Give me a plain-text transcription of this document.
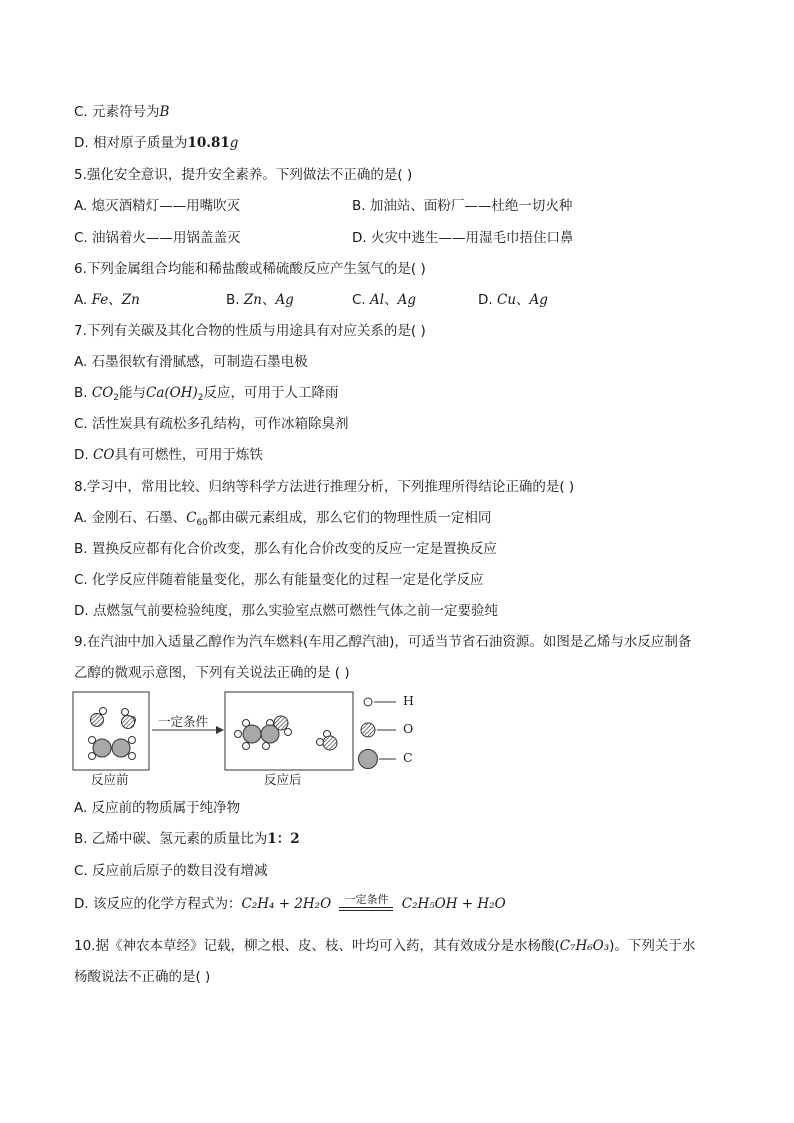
C. 元素符号为B
D. 相对原子质量为10.81g
5.强化安全意识，提升安全素养。下列做法不正确的是( )
A. 熄灭酒精灯——用嘴吹灭	B. 加油站、面粉厂——杜绝一切火种
C. 油锅着火——用锅盖盖灭	D. 火灾中逃生——用湿毛巾捂住口鼻
6.下列金属组合均能和稀盐酸或稀硫酸反应产生氢气的是( )
A. Fe、Zn	B. Zn、Ag	C. Al、Ag	D. Cu、Ag
7.下列有关碳及其化合物的性质与用途具有对应关系的是( )
A. 石墨很软有滑腻感，可制造石墨电极
B. $CO_2$能与$Ca(OH)_2$反应，可用于人工降雨
C. 活性炭具有疏松多孔结构，可作冰箱除臭剂
D. CO具有可燃性，可用于炼铁
8.学习中，常用比较、归纳等科学方法进行推理分析，下列推理所得结论正确的是( )
A. 金刚石、石墨、$C_{60}$都由碳元素组成，那么它们的物理性质一定相同
B. 置换反应都有化合价改变，那么有化合价改变的反应一定是置换反应
C. 化学反应伴随着能量变化，那么有能量变化的过程一定是化学反应
D. 点燃氢气前要检验纯度，那么实验室点燃可燃性气体之前一定要验纯
9.在汽油中加入适量乙醇作为汽车燃料(车用乙醇汽油)，可适当节省石油资源。如图是乙烯与水反应制备
乙醇的微观示意图，下列有关说法正确的是 ( )
一定条件
反应前	反应后
H
O
C
A. 反应前的物质属于纯净物
B. 乙烯中碳、氢元素的质量比为1：2
C. 反应前后原子的数目没有增减
D. 该反应的化学方程式为：C₂H₄ + 2H₂O	一定条件 C₂H₅OH + H₂O
10.据《神农本草经》记载，柳之根、皮、枝、叶均可入药，其有效成分是水杨酸(C₇H₆O₃)。下列关于水
杨酸说法不正确的是( )
